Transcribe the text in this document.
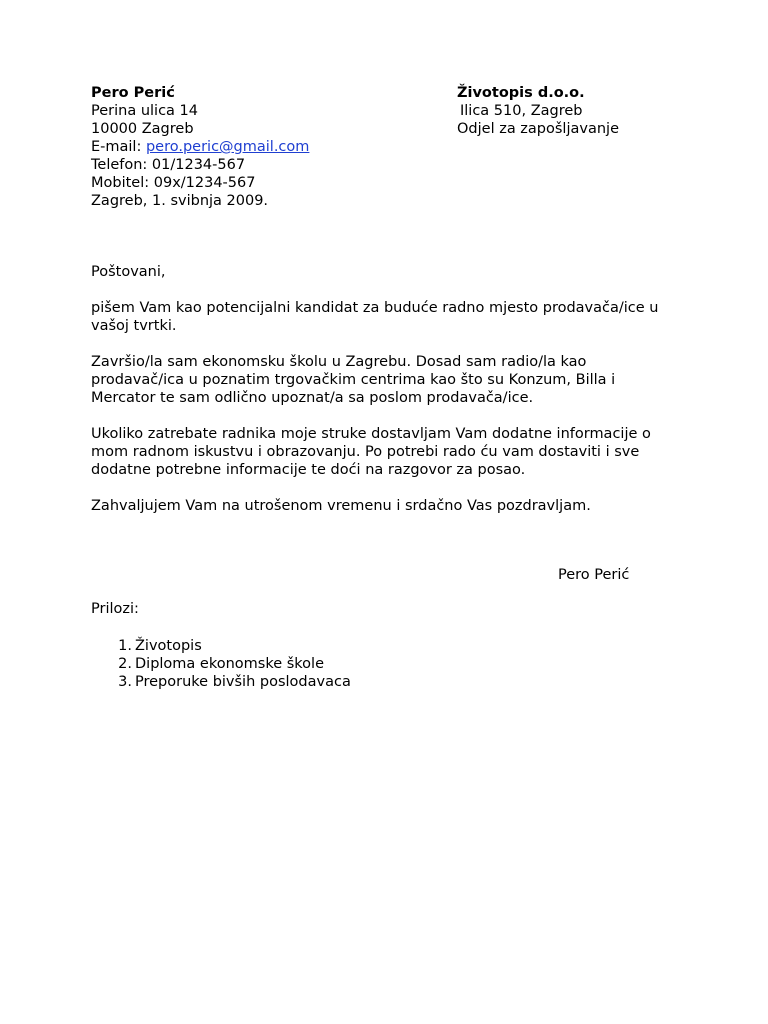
Pero Perić
Perina ulica 14
10000 Zagreb
E-mail: pero.peric@gmail.com
Telefon: 01/1234-567
Mobitel: 09x/1234-567
Zagreb, 1. svibnja 2009.
Životopis d.o.o.
Ilica 510, Zagreb
Odjel za zapošljavanje

Poštovani,

pišem Vam kao potencijalni kandidat za buduće radno mjesto prodavača/ice u vašoj tvrtki.

Završio/la sam ekonomsku školu u Zagrebu. Dosad sam radio/la kao prodavač/ica u poznatim trgovačkim centrima kao što su Konzum, Billa i Mercator te sam odlično upoznat/a sa poslom prodavača/ice.

Ukoliko zatrebate radnika moje struke dostavljam Vam dodatne informacije o mom radnom iskustvu i obrazovanju. Po potrebi rado ću vam dostaviti i sve dodatne potrebne informacije te doći na razgovor za posao.

Zahvaljujem Vam na utrošenom vremenu i srdačno Vas pozdravljam.

Pero Perić
Prilozi:
1. Životopis
2. Diploma ekonomske škole
3. Preporuke bivših poslodavaca
